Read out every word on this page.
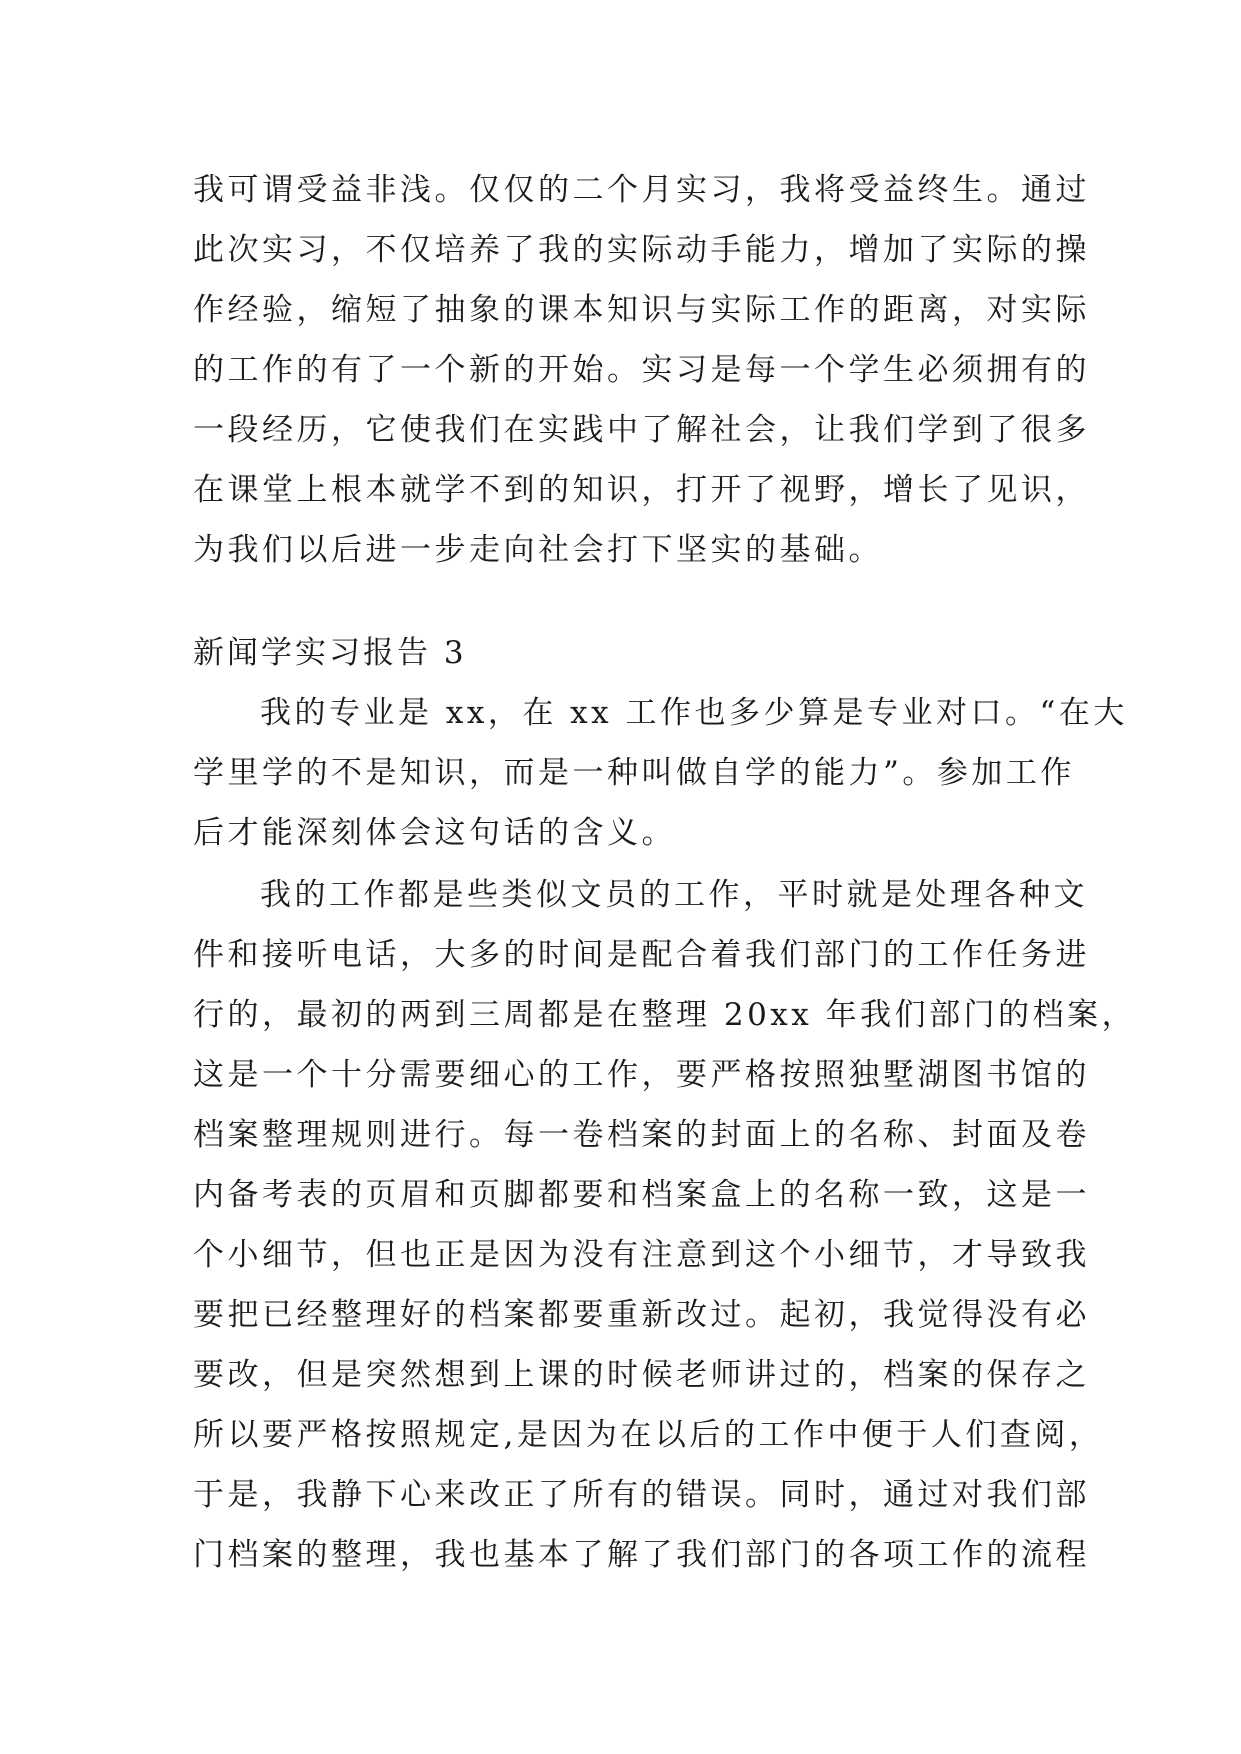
我可谓受益非浅。仅仅的二个月实习，我将受益终生。通过
此次实习，不仅培养了我的实际动手能力，增加了实际的操
作经验，缩短了抽象的课本知识与实际工作的距离，对实际
的工作的有了一个新的开始。实习是每一个学生必须拥有的
一段经历，它使我们在实践中了解社会，让我们学到了很多
在课堂上根本就学不到的知识，打开了视野，增长了见识，
为我们以后进一步走向社会打下坚实的基础。
新闻学实习报告 3
我的专业是 xx，在 xx 工作也多少算是专业对口。“在大
学里学的不是知识，而是一种叫做自学的能力”。参加工作
后才能深刻体会这句话的含义。
我的工作都是些类似文员的工作，平时就是处理各种文
件和接听电话，大多的时间是配合着我们部门的工作任务进
行的，最初的两到三周都是在整理 20xx 年我们部门的档案，
这是一个十分需要细心的工作，要严格按照独墅湖图书馆的
档案整理规则进行。每一卷档案的封面上的名称、封面及卷
内备考表的页眉和页脚都要和档案盒上的名称一致，这是一
个小细节，但也正是因为没有注意到这个小细节，才导致我
要把已经整理好的档案都要重新改过。起初，我觉得没有必
要改，但是突然想到上课的时候老师讲过的，档案的保存之
所以要严格按照规定,是因为在以后的工作中便于人们查阅，
于是，我静下心来改正了所有的错误。同时，通过对我们部
门档案的整理，我也基本了解了我们部门的各项工作的流程
